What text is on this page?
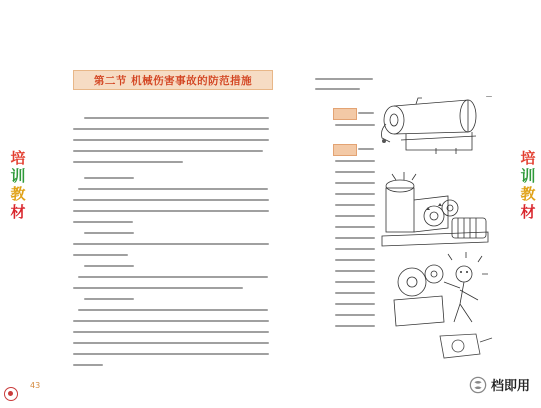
培
训
教
材
培
训
教
材
第二节 机械伤害事故的防范措施
43	档即用
